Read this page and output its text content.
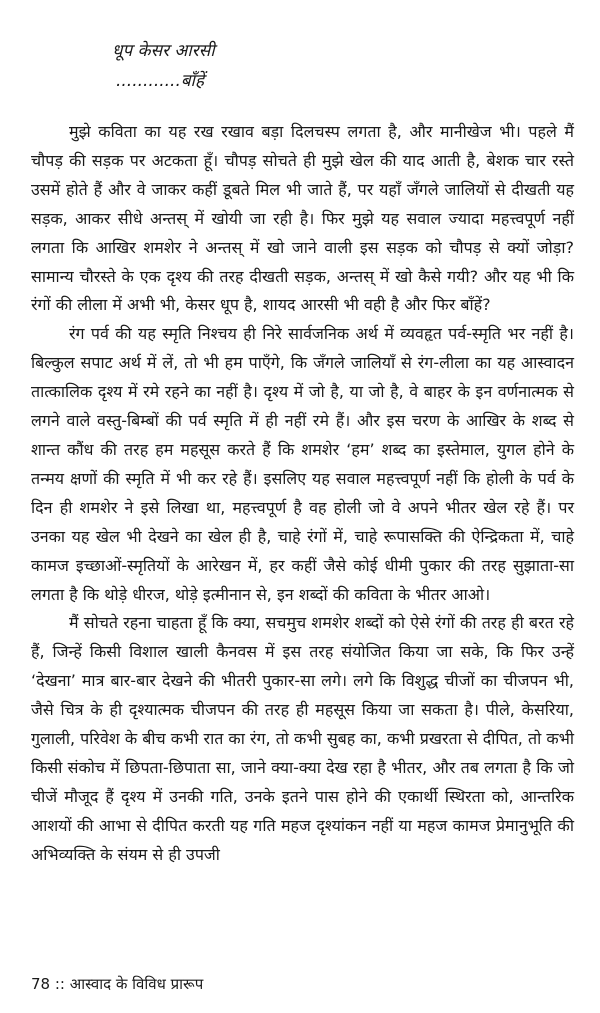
धूप केसर आरसी
............बाँहें

मुझे कविता का यह रख रखाव बड़ा दिलचस्प लगता है, और मानीखेज भी। पहले मैं चौपड़ की सड़क पर अटकता हूँ। चौपड़ सोचते ही मुझे खेल की याद आती है, बेशक चार रस्ते उसमें होते हैं और वे जाकर कहीं डूबते मिल भी जाते हैं, पर यहाँ जँगले जालियों से दीखती यह सड़क, आकर सीधे अन्तस् में खोयी जा रही है। फिर मुझे यह सवाल ज्यादा महत्त्वपूर्ण नहीं लगता कि आखिर शमशेर ने अन्तस् में खो जाने वाली इस सड़क को चौपड़ से क्यों जोड़ा? सामान्य चौरस्ते के एक दृश्य की तरह दीखती सड़क, अन्तस् में खो कैसे गयी? और यह भी कि रंगों की लीला में अभी भी, केसर धूप है, शायद आरसी भी वही है और फिर बाँहें?

रंग पर्व की यह स्मृति निश्चय ही निरे सार्वजनिक अर्थ में व्यवहृत पर्व-स्मृति भर नहीं है। बिल्कुल सपाट अर्थ में लें, तो भी हम पाएँगे, कि जँगले जालियाँ से रंग-लीला का यह आस्वादन तात्कालिक दृश्य में रमे रहने का नहीं है। दृश्य में जो है, या जो है, वे बाहर के इन वर्णनात्मक से लगने वाले वस्तु-बिम्बों की पर्व स्मृति में ही नहीं रमे हैं। और इस चरण के आखिर के शब्द से शान्त कौंध की तरह हम महसूस करते हैं कि शमशेर ‘हम’ शब्द का इस्तेमाल, युगल होने के तन्मय क्षणों की स्मृति में भी कर रहे हैं। इसलिए यह सवाल महत्त्वपूर्ण नहीं कि होली के पर्व के दिन ही शमशेर ने इसे लिखा था, महत्त्वपूर्ण है वह होली जो वे अपने भीतर खेल रहे हैं। पर उनका यह खेल भी देखने का खेल ही है, चाहे रंगों में, चाहे रूपासक्ति की ऐन्द्रिकता में, चाहे कामज इच्छाओं-स्मृतियों के आरेखन में, हर कहीं जैसे कोई धीमी पुकार की तरह सुझाता-सा लगता है कि थोड़े धीरज, थोड़े इत्मीनान से, इन शब्दों की कविता के भीतर आओ।

मैं सोचते रहना चाहता हूँ कि क्या, सचमुच शमशेर शब्दों को ऐसे रंगों की तरह ही बरत रहे हैं, जिन्हें किसी विशाल खाली कैनवस में इस तरह संयोजित किया जा सके, कि फिर उन्हें ‘देखना’ मात्र बार-बार देखने की भीतरी पुकार-सा लगे। लगे कि विशुद्ध चीजों का चीजपन भी, जैसे चित्र के ही दृश्यात्मक चीजपन की तरह ही महसूस किया जा सकता है। पीले, केसरिया, गुलाली, परिवेश के बीच कभी रात का रंग, तो कभी सुबह का, कभी प्रखरता से दीपित, तो कभी किसी संकोच में छिपता-छिपाता सा, जाने क्या-क्या देख रहा है भीतर, और तब लगता है कि जो चीजें मौजूद हैं दृश्य में उनकी गति, उनके इतने पास होने की एकार्थी स्थिरता को, आन्तरिक आशयों की आभा से दीपित करती यह गति महज दृश्यांकन नहीं या महज कामज प्रेमानुभूति की अभिव्यक्ति के संयम से ही उपजी

78 :: आस्वाद के विविध प्रारूप
